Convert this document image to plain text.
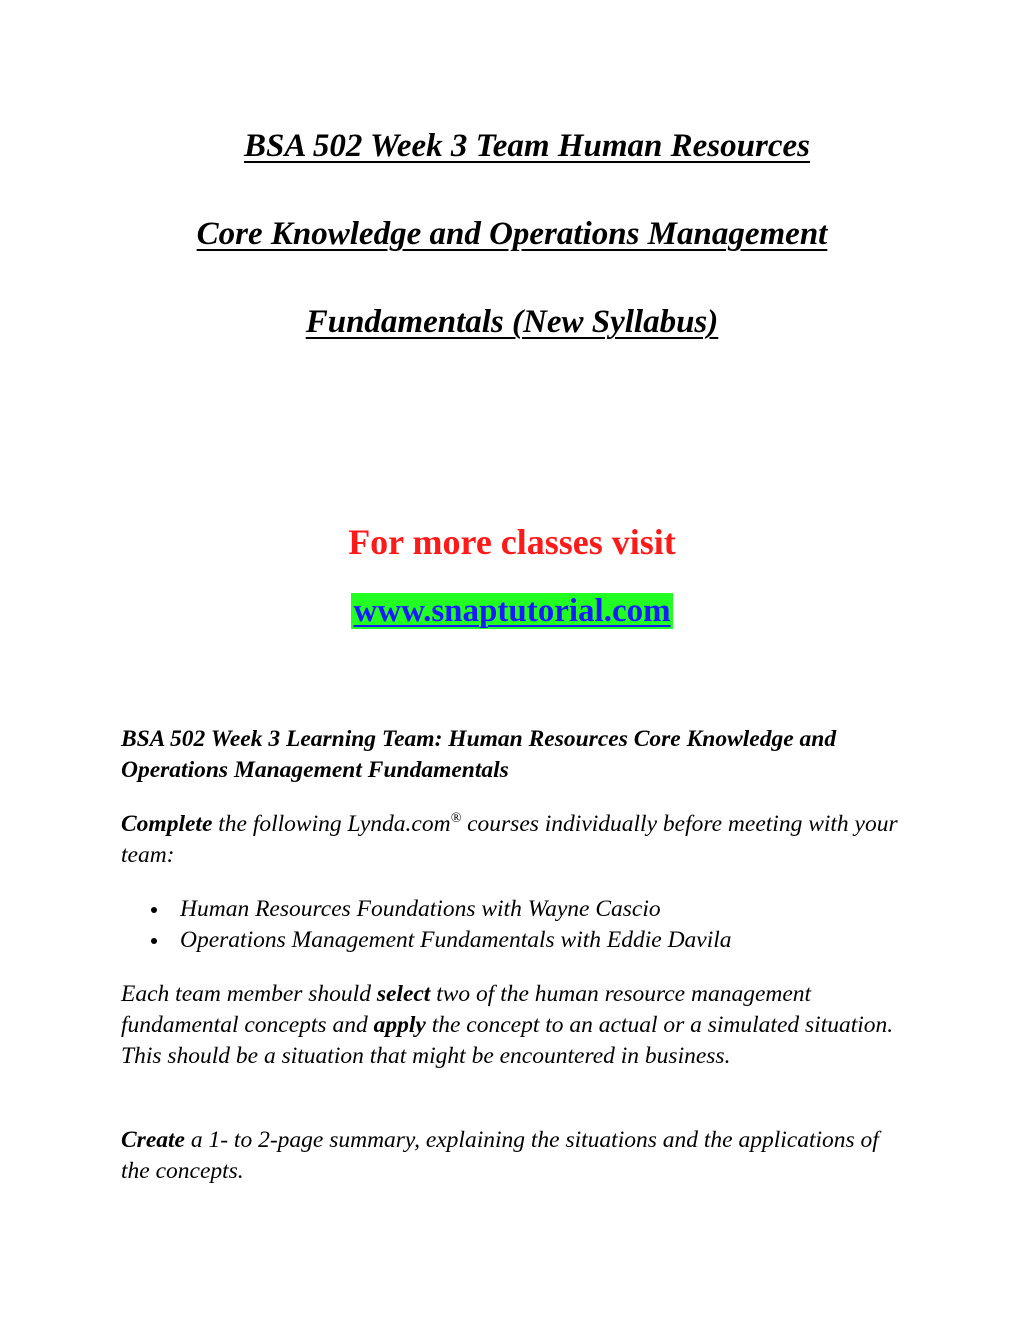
BSA 502 Week 3 Team Human Resources
Core Knowledge and Operations Management
Fundamentals (New Syllabus)
For more classes visit
www.snaptutorial.com
BSA 502 Week 3 Learning Team: Human Resources Core Knowledge and Operations Management Fundamentals
Complete the following Lynda.com® courses individually before meeting with your team:
Human Resources Foundations with Wayne Cascio
Operations Management Fundamentals with Eddie Davila
Each team member should select two of the human resource management fundamental concepts and apply the concept to an actual or a simulated situation. This should be a situation that might be encountered in business.
Create a 1- to 2-page summary, explaining the situations and the applications of the concepts.
